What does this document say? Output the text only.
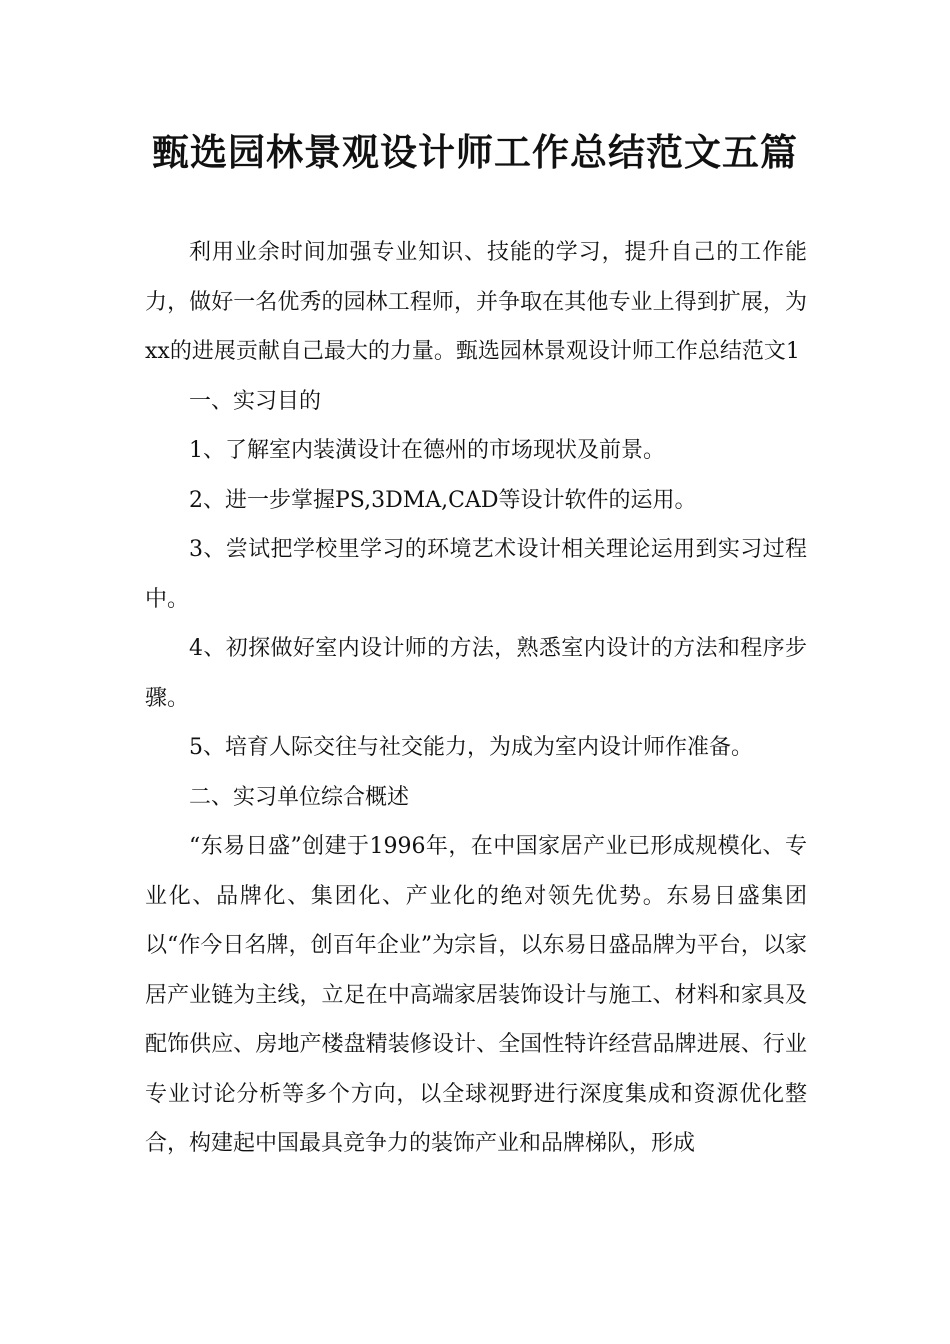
甄选园林景观设计师工作总结范文五篇

利用业余时间加强专业知识、技能的学习，提升自己的工作能力，做好一名优秀的园林工程师，并争取在其他专业上得到扩展，为xx的进展贡献自己最大的力量。甄选园林景观设计师工作总结范文1

一、实习目的

1、了解室内装潢设计在德州的市场现状及前景。

2、进一步掌握PS,3DMA,CAD等设计软件的运用。

3、尝试把学校里学习的环境艺术设计相关理论运用到实习过程中。

4、初探做好室内设计师的方法，熟悉室内设计的方法和程序步骤。

5、培育人际交往与社交能力，为成为室内设计师作准备。

二、实习单位综合概述

“东易日盛”创建于1996年，在中国家居产业已形成规模化、专业化、品牌化、集团化、产业化的绝对领先优势。东易日盛集团以“作今日名牌，创百年企业”为宗旨，以东易日盛品牌为平台，以家居产业链为主线，立足在中高端家居装饰设计与施工、材料和家具及配饰供应、房地产楼盘精装修设计、全国性特许经营品牌进展、行业专业讨论分析等多个方向，以全球视野进行深度集成和资源优化整合，构建起中国最具竞争力的装饰产业和品牌梯队，形成
